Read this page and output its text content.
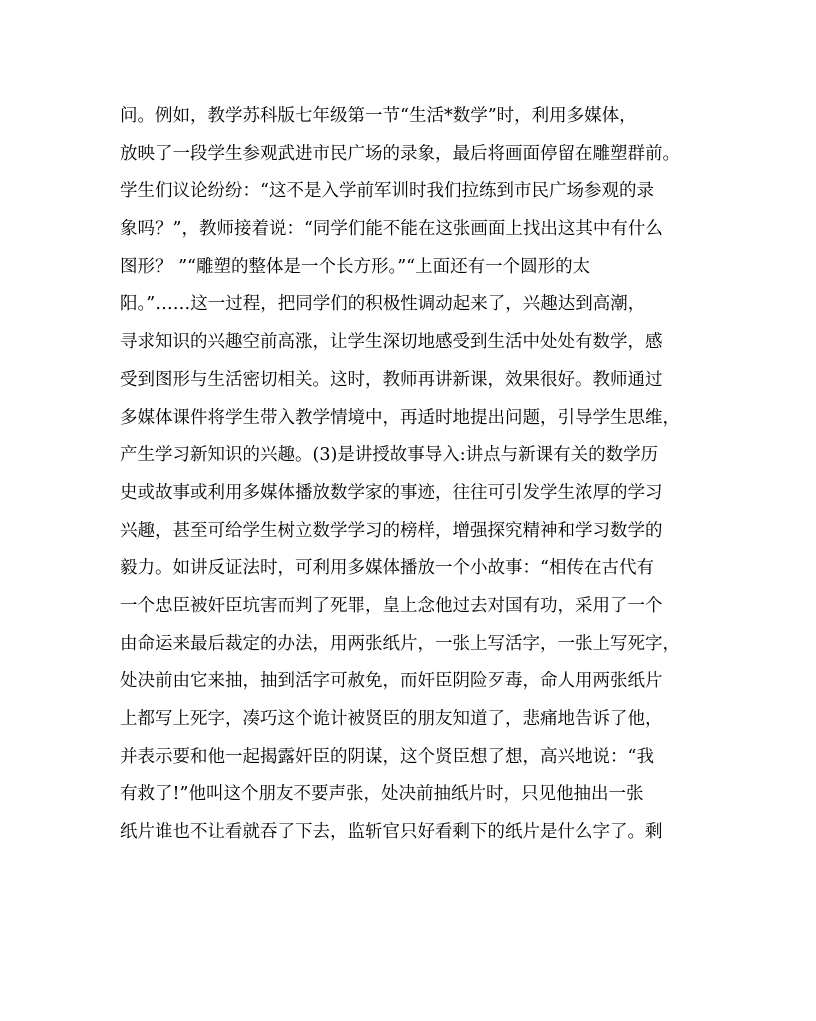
问。例如，教学苏科版七年级第一节“生活*数学”时，利用多媒体，
放映了一段学生参观武进市民广场的录象，最后将画面停留在雕塑群前。
学生们议论纷纷：“这不是入学前军训时我们拉练到市民广场参观的录
象吗？”，教师接着说：“同学们能不能在这张画面上找出这其中有什么
图形？ ”“雕塑的整体是一个长方形。”“上面还有一个圆形的太
阳。”……这一过程，把同学们的积极性调动起来了，兴趣达到高潮，
寻求知识的兴趣空前高涨，让学生深切地感受到生活中处处有数学，感
受到图形与生活密切相关。这时，教师再讲新课，效果很好。教师通过
多媒体课件将学生带入教学情境中，再适时地提出问题，引导学生思维，
产生学习新知识的兴趣。(3)是讲授故事导入:讲点与新课有关的数学历
史或故事或利用多媒体播放数学家的事迹，往往可引发学生浓厚的学习
兴趣，甚至可给学生树立数学学习的榜样，增强探究精神和学习数学的
毅力。如讲反证法时，可利用多媒体播放一个小故事：“相传在古代有
一个忠臣被奸臣坑害而判了死罪，皇上念他过去对国有功，采用了一个
由命运来最后裁定的办法，用两张纸片，一张上写活字，一张上写死字，
处决前由它来抽，抽到活字可赦免，而奸臣阴险歹毒，命人用两张纸片
上都写上死字，凑巧这个诡计被贤臣的朋友知道了，悲痛地告诉了他，
并表示要和他一起揭露奸臣的阴谋，这个贤臣想了想，高兴地说：“我
有救了!”他叫这个朋友不要声张，处决前抽纸片时，只见他抽出一张
纸片谁也不让看就吞了下去，监斩官只好看剩下的纸片是什么字了。剩
